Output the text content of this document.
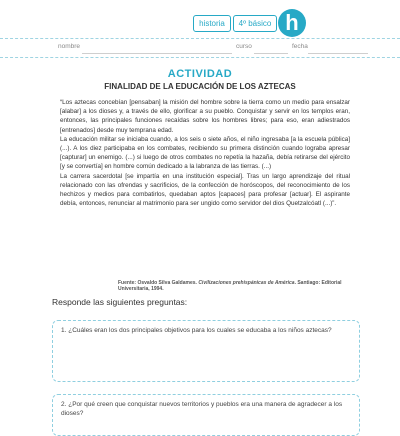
historia	4º básico h
nombre	curso	fecha
ACTIVIDAD
FINALIDAD DE LA EDUCACIÓN DE LOS AZTECAS

“Los aztecas concebían [pensaban] la misión del hombre sobre la tierra como un medio para ensalzar [alabar] a los dioses y, a través de ello, glorificar a su pueblo. Conquistar y servir en los templos eran, entonces, las principales funciones recaídas sobre los hombres libres; para eso, eran adiestrados [entrenados] desde muy temprana edad.

La educación militar se iniciaba cuando, a los seis o siete años, el niño ingresaba [a la escuela pública] (...). A los diez participaba en los combates, recibiendo su primera distinción cuando lograba apresar [capturar] un enemigo. (...) si luego de otros combates no repetía la hazaña, debía retirarse del ejército [y se convertía] en hombre común dedicado a la labranza de las tierras. (...)

La carrera sacerdotal [se impartía en una institución especial]. Tras un largo aprendizaje del ritual relacionado con las ofrendas y sacrificios, de la confección de horóscopos, del reconocimiento de los hechizos y medios para combatirlos, quedaban aptos [capaces] para profesar [actuar]. El aspirante debía, entonces, renunciar al matrimonio para ser ungido como servidor del dios Quetzalcóatl (...)”.

Fuente: Osvaldo Silva Galdames. Civilizaciones prehispánicas de América. Santiago: Editorial Universitaria, 1994.
Responde las siguientes preguntas:
1. ¿Cuáles eran los dos principales objetivos para los cuales se educaba a los niños aztecas?
2. ¿Por qué creen que conquistar nuevos territorios y pueblos era una manera de agradecer a los dioses?
